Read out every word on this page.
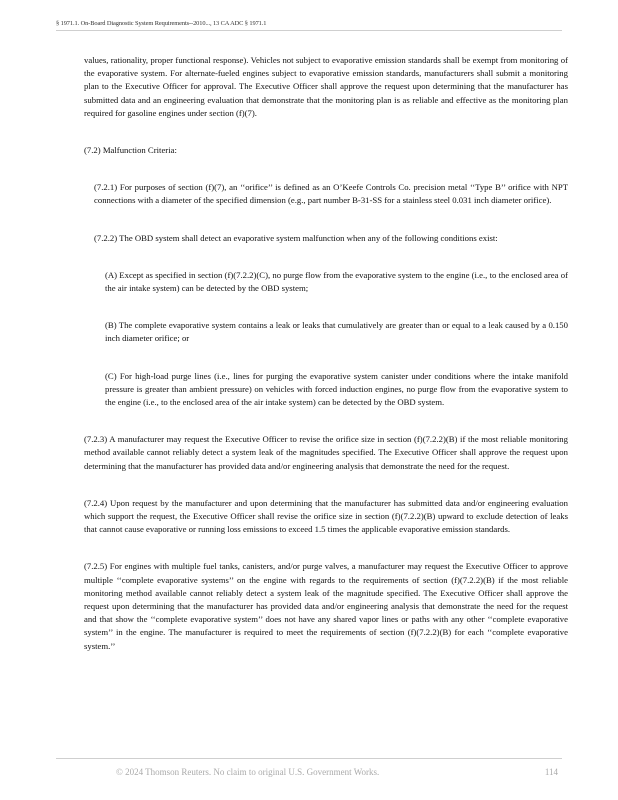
§ 1971.1. On-Board Diagnostic System Requirements--2010..., 13 CA ADC § 1971.1

values, rationality, proper functional response). Vehicles not subject to evaporative emission standards shall be exempt from monitoring of the evaporative system. For alternate-fueled engines subject to evaporative emission standards, manufacturers shall submit a monitoring plan to the Executive Officer for approval. The Executive Officer shall approve the request upon determining that the manufacturer has submitted data and an engineering evaluation that demonstrate that the monitoring plan is as reliable and effective as the monitoring plan required for gasoline engines under section (f)(7).

(7.2) Malfunction Criteria:

(7.2.1) For purposes of section (f)(7), an ‘‘orifice’’ is defined as an O’Keefe Controls Co. precision metal ‘‘Type B’’ orifice with NPT connections with a diameter of the specified dimension (e.g., part number B-31-SS for a stainless steel 0.031 inch diameter orifice).

(7.2.2) The OBD system shall detect an evaporative system malfunction when any of the following conditions exist:

(A) Except as specified in section (f)(7.2.2)(C), no purge flow from the evaporative system to the engine (i.e., to the enclosed area of the air intake system) can be detected by the OBD system;

(B) The complete evaporative system contains a leak or leaks that cumulatively are greater than or equal to a leak caused by a 0.150 inch diameter orifice; or

(C) For high-load purge lines (i.e., lines for purging the evaporative system canister under conditions where the intake manifold pressure is greater than ambient pressure) on vehicles with forced induction engines, no purge flow from the evaporative system to the engine (i.e., to the enclosed area of the air intake system) can be detected by the OBD system.

(7.2.3) A manufacturer may request the Executive Officer to revise the orifice size in section (f)(7.2.2)(B) if the most reliable monitoring method available cannot reliably detect a system leak of the magnitudes specified. The Executive Officer shall approve the request upon determining that the manufacturer has provided data and/or engineering analysis that demonstrate the need for the request.

(7.2.4) Upon request by the manufacturer and upon determining that the manufacturer has submitted data and/or engineering evaluation which support the request, the Executive Officer shall revise the orifice size in section (f)(7.2.2)(B) upward to exclude detection of leaks that cannot cause evaporative or running loss emissions to exceed 1.5 times the applicable evaporative emission standards.

(7.2.5) For engines with multiple fuel tanks, canisters, and/or purge valves, a manufacturer may request the Executive Officer to approve multiple ‘‘complete evaporative systems’’ on the engine with regards to the requirements of section (f)(7.2.2)(B) if the most reliable monitoring method available cannot reliably detect a system leak of the magnitude specified. The Executive Officer shall approve the request upon determining that the manufacturer has provided data and/or engineering analysis that demonstrate the need for the request and that show the ‘‘complete evaporative system’’ does not have any shared vapor lines or paths with any other ‘‘complete evaporative system’’ in the engine. The manufacturer is required to meet the requirements of section (f)(7.2.2)(B) for each ‘‘complete evaporative system.’’

© 2024 Thomson Reuters. No claim to original U.S. Government Works.	114
